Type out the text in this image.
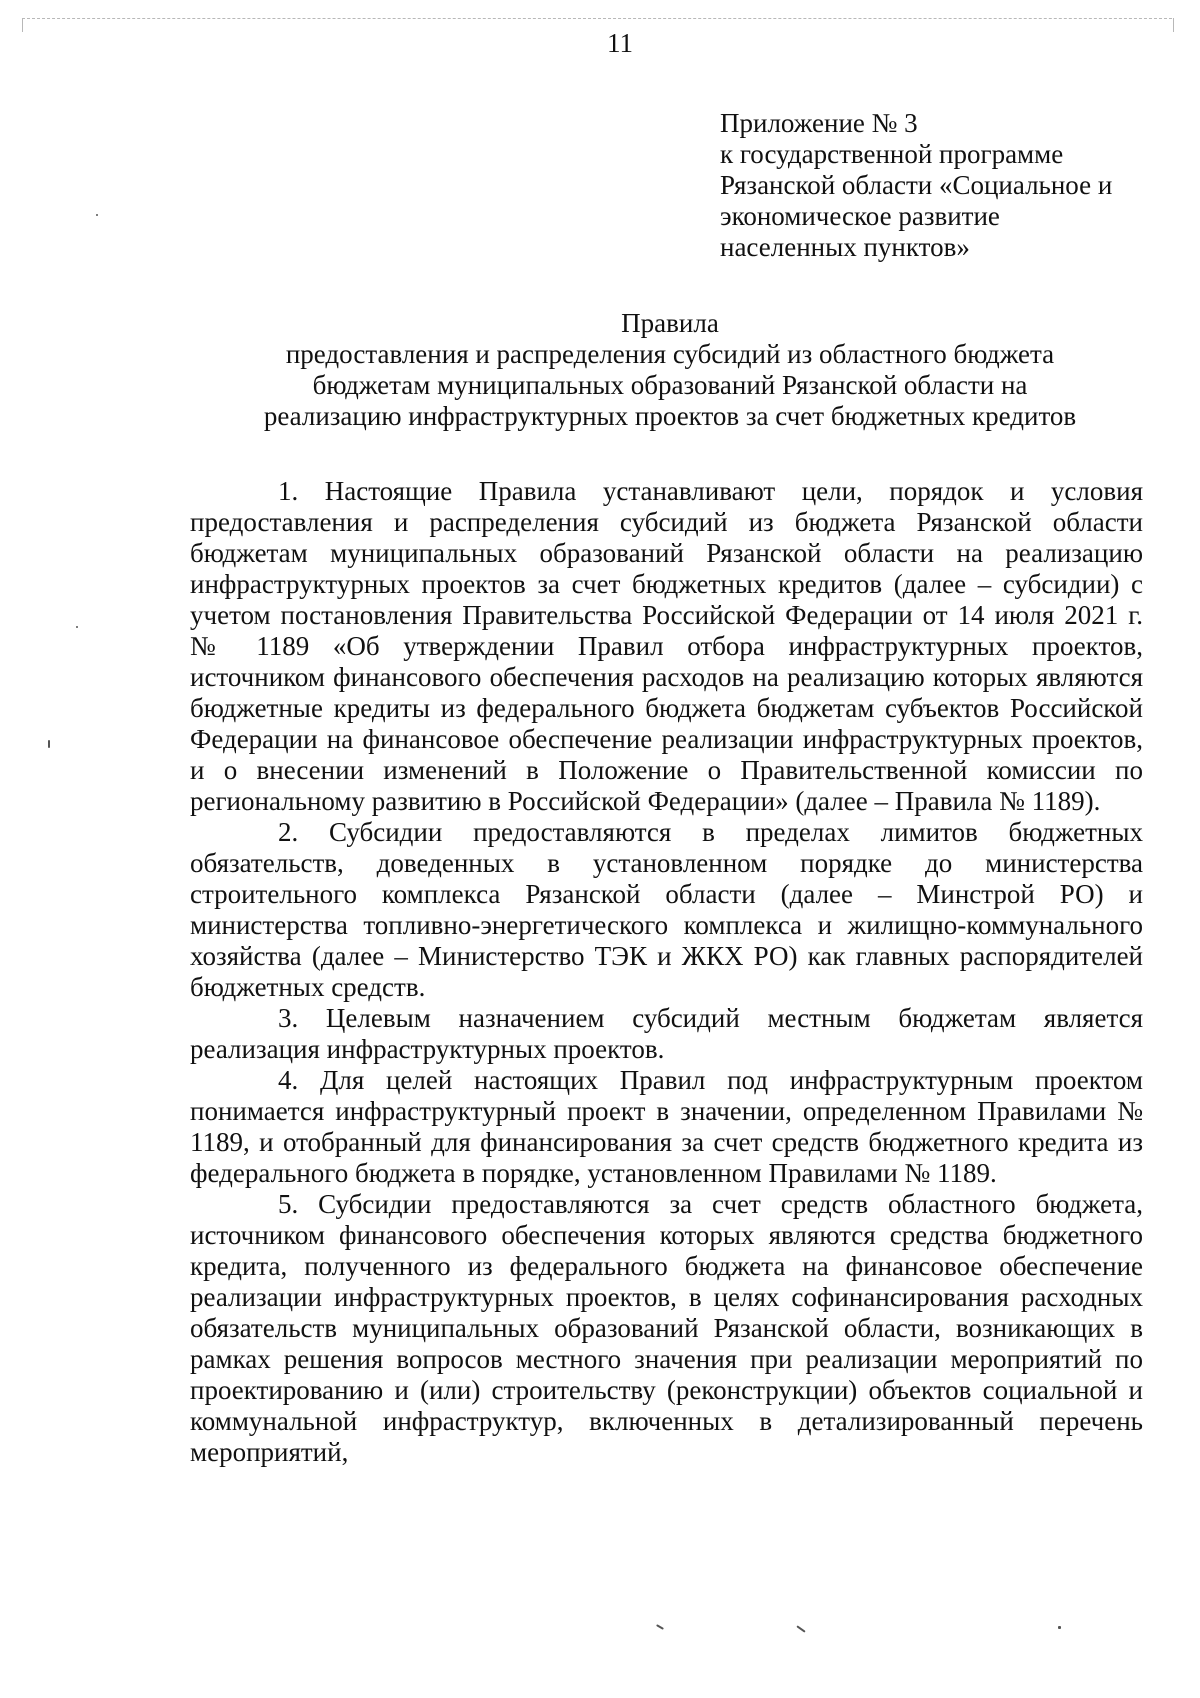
11
Приложение № 3
к государственной программе
Рязанской области «Социальное и
экономическое развитие
населенных пунктов»
Правила
предоставления и распределения субсидий из областного бюджета
бюджетам муниципальных образований Рязанской области на
реализацию инфраструктурных проектов за счет бюджетных кредитов

1. Настоящие Правила устанавливают цели, порядок и условия предоставления и распределения субсидий из бюджета Рязанской области бюджетам муниципальных образований Рязанской области на реализацию инфраструктурных проектов за счет бюджетных кредитов (далее – субсидии) с учетом постановления Правительства Российской Федерации от 14 июля 2021 г. № 1189 «Об утверждении Правил отбора инфраструктурных проектов, источником финансового обеспечения расходов на реализацию которых являются бюджетные кредиты из федерального бюджета бюджетам субъектов Российской Федерации на финансовое обеспечение реализации инфраструктурных проектов, и о внесении изменений в Положение о Правительственной комиссии по региональному развитию в Российской Федерации» (далее – Правила № 1189).

2. Субсидии предоставляются в пределах лимитов бюджетных обязательств, доведенных в установленном порядке до министерства строительного комплекса Рязанской области (далее – Минстрой РО) и министерства топливно-энергетического комплекса и жилищно-коммунального хозяйства (далее – Министерство ТЭК и ЖКХ РО) как главных распорядителей бюджетных средств.

3. Целевым назначением субсидий местным бюджетам является реализация инфраструктурных проектов.

4. Для целей настоящих Правил под инфраструктурным проектом понимается инфраструктурный проект в значении, определенном Правилами № 1189, и отобранный для финансирования за счет средств бюджетного кредита из федерального бюджета в порядке, установленном Правилами № 1189.

5. Субсидии предоставляются за счет средств областного бюджета, источником финансового обеспечения которых являются средства бюджетного кредита, полученного из федерального бюджета на финансовое обеспечение реализации инфраструктурных проектов, в целях софинансирования расходных обязательств муниципальных образований Рязанской области, возникающих в рамках решения вопросов местного значения при реализации мероприятий по проектированию и (или) строительству (реконструкции) объектов социальной и коммунальной инфраструктур, включенных в детализированный перечень мероприятий,
